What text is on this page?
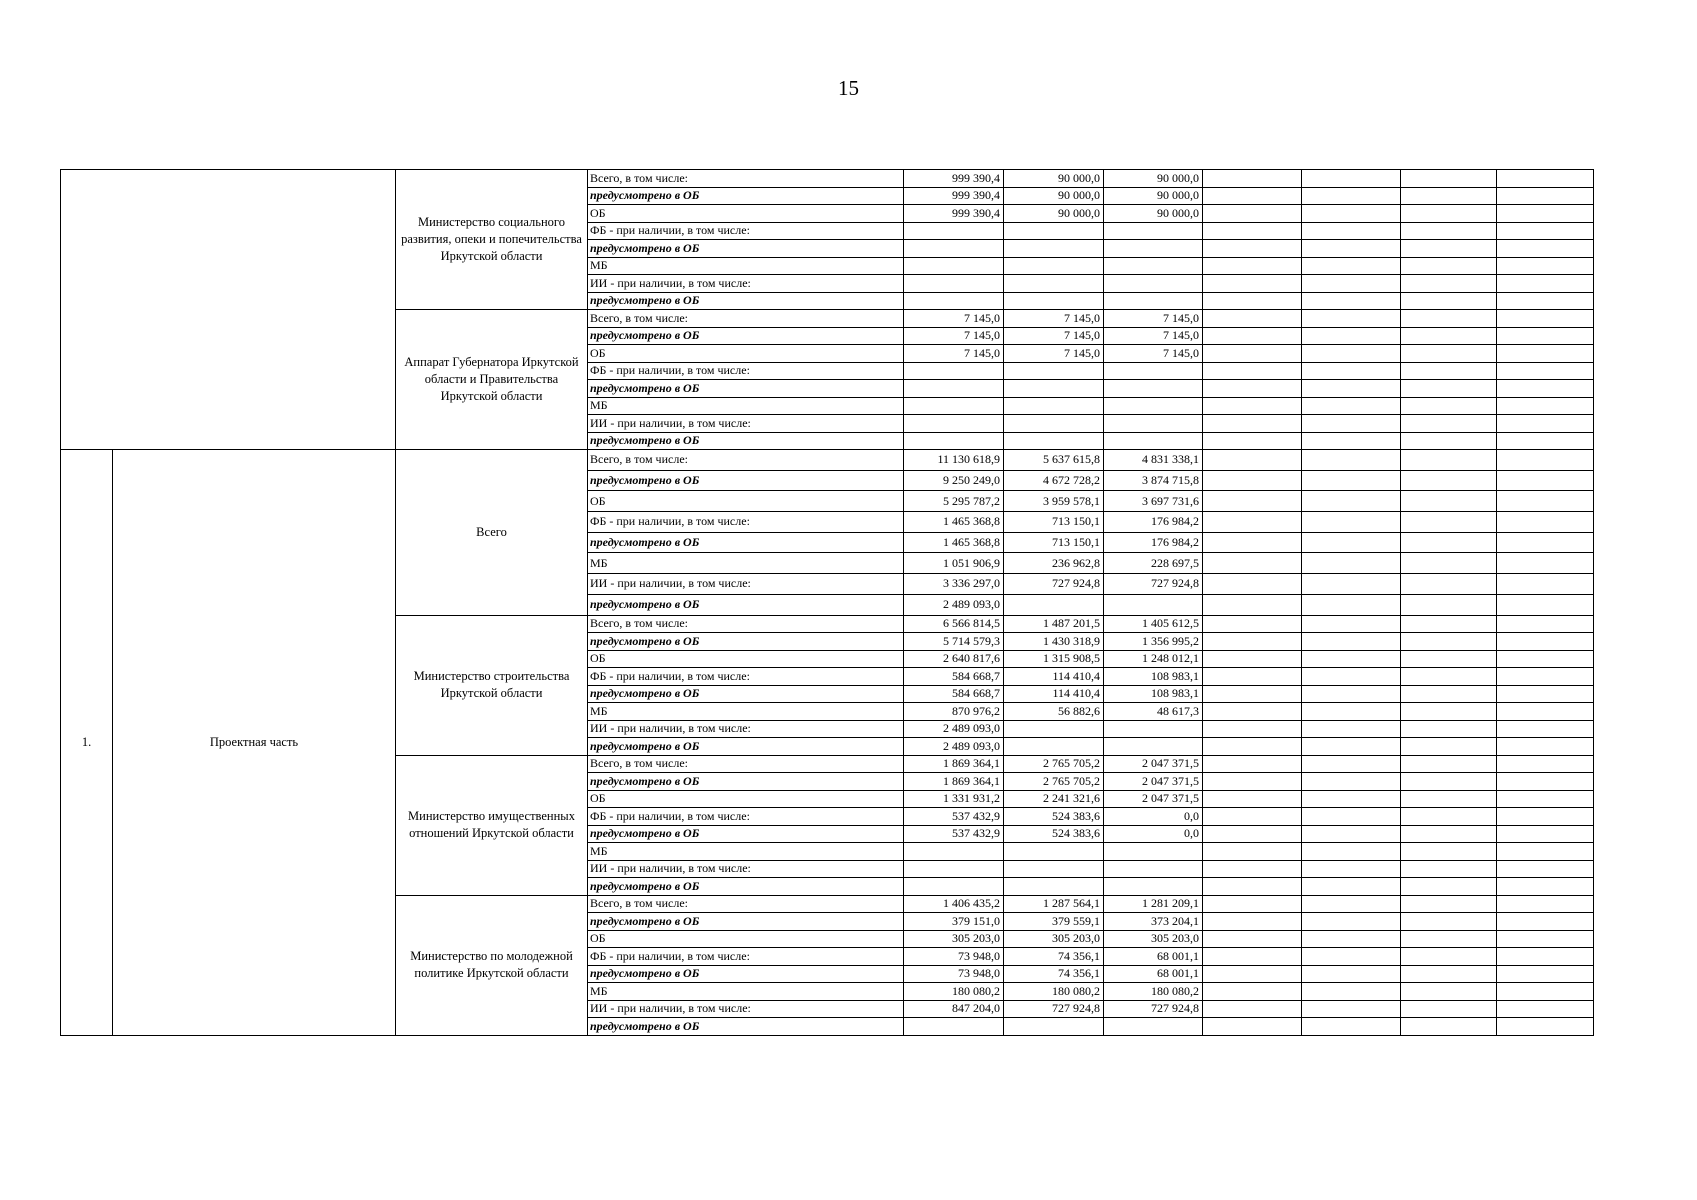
15
		Министерство социального развития, опеки и попечительства Иркутской области	Всего, в том числе:	999 390,4	90 000,0	90 000,0				
			предусмотрено в ОБ	999 390,4	90 000,0	90 000,0				
			ОБ	999 390,4	90 000,0	90 000,0				
			ФБ - при наличии, в том числе:							
			предусмотрено в ОБ							
			МБ							
			ИИ - при наличии, в том числе:							
			предусмотрено в ОБ							
		Аппарат Губернатора Иркутской области и Правительства Иркутской области	Всего, в том числе:	7 145,0	7 145,0	7 145,0				
			предусмотрено в ОБ	7 145,0	7 145,0	7 145,0				
			ОБ	7 145,0	7 145,0	7 145,0				
			ФБ - при наличии, в том числе:							
			предусмотрено в ОБ							
			МБ							
			ИИ - при наличии, в том числе:							
			предусмотрено в ОБ							
1.	Проектная часть	Всего	Всего, в том числе:	11 130 618,9	5 637 615,8	4 831 338,1				
			предусмотрено в ОБ	9 250 249,0	4 672 728,2	3 874 715,8				
			ОБ	5 295 787,2	3 959 578,1	3 697 731,6				
			ФБ - при наличии, в том числе:	1 465 368,8	713 150,1	176 984,2				
			предусмотрено в ОБ	1 465 368,8	713 150,1	176 984,2				
			МБ	1 051 906,9	236 962,8	228 697,5				
			ИИ - при наличии, в том числе:	3 336 297,0	727 924,8	727 924,8				
			предусмотрено в ОБ	2 489 093,0						
		Министерство строительства Иркутской области	Всего, в том числе:	6 566 814,5	1 487 201,5	1 405 612,5				
			предусмотрено в ОБ	5 714 579,3	1 430 318,9	1 356 995,2				
			ОБ	2 640 817,6	1 315 908,5	1 248 012,1				
			ФБ - при наличии, в том числе:	584 668,7	114 410,4	108 983,1				
			предусмотрено в ОБ	584 668,7	114 410,4	108 983,1				
			МБ	870 976,2	56 882,6	48 617,3				
			ИИ - при наличии, в том числе:	2 489 093,0						
			предусмотрено в ОБ	2 489 093,0						
		Министерство имущественных отношений Иркутской области	Всего, в том числе:	1 869 364,1	2 765 705,2	2 047 371,5				
			предусмотрено в ОБ	1 869 364,1	2 765 705,2	2 047 371,5				
			ОБ	1 331 931,2	2 241 321,6	2 047 371,5				
			ФБ - при наличии, в том числе:	537 432,9	524 383,6	0,0				
			предусмотрено в ОБ	537 432,9	524 383,6	0,0				
			МБ							
			ИИ - при наличии, в том числе:							
			предусмотрено в ОБ							
		Министерство по молодежной политике Иркутской области	Всего, в том числе:	1 406 435,2	1 287 564,1	1 281 209,1				
			предусмотрено в ОБ	379 151,0	379 559,1	373 204,1				
			ОБ	305 203,0	305 203,0	305 203,0				
			ФБ - при наличии, в том числе:	73 948,0	74 356,1	68 001,1				
			предусмотрено в ОБ	73 948,0	74 356,1	68 001,1				
			МБ	180 080,2	180 080,2	180 080,2				
			ИИ - при наличии, в том числе:	847 204,0	727 924,8	727 924,8				
			предусмотрено в ОБ							
